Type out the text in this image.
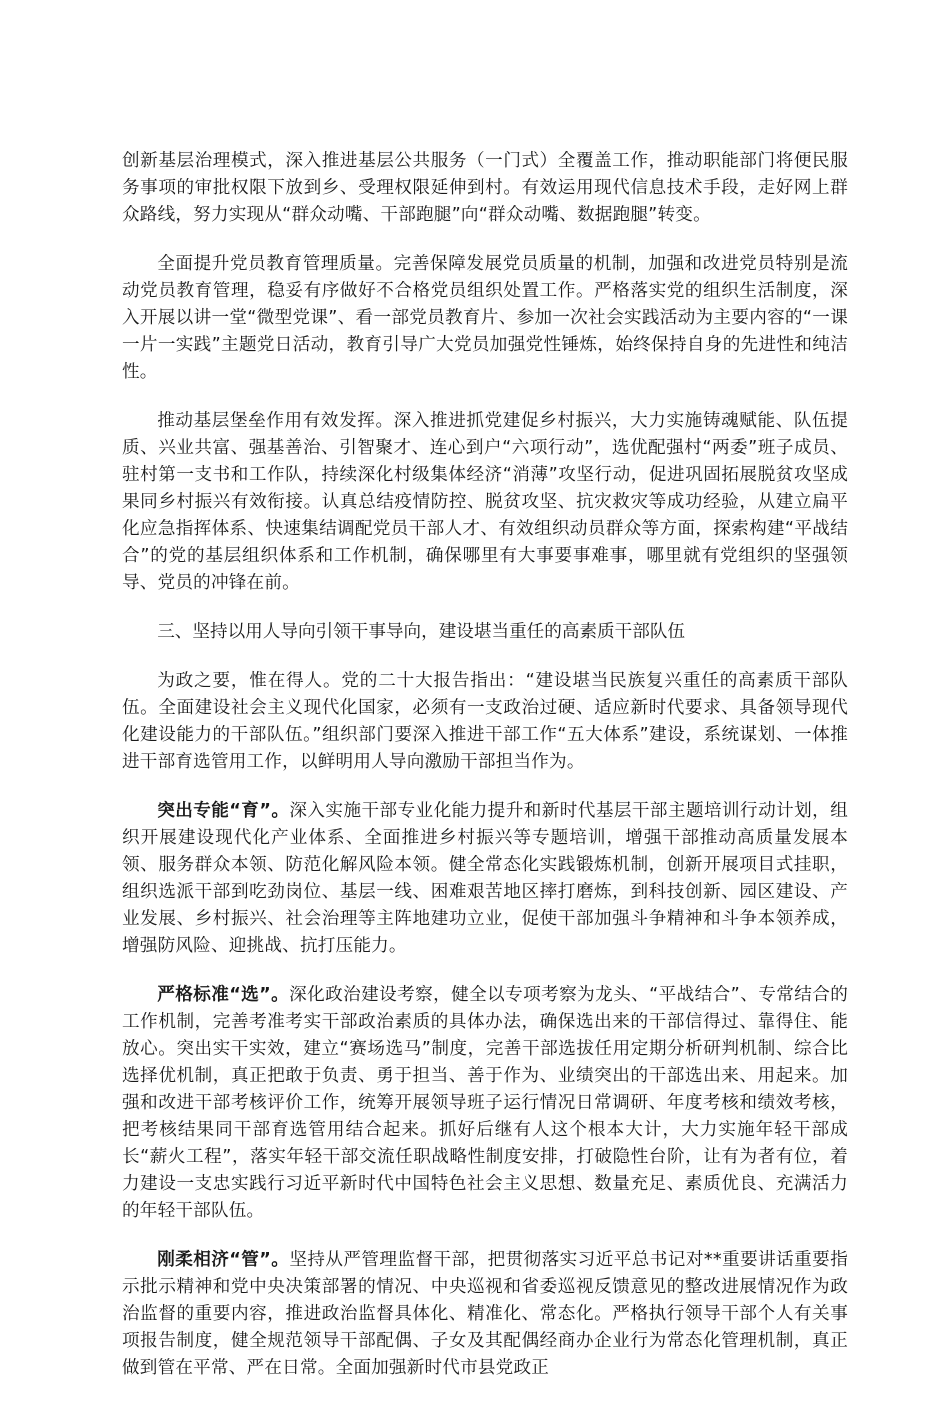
创新基层治理模式，深入推进基层公共服务（一门式）全覆盖工作，推动职能部门将便民服务事项的审批权限下放到乡、受理权限延伸到村。有效运用现代信息技术手段，走好网上群众路线，努力实现从“群众动嘴、干部跑腿”向“群众动嘴、数据跑腿”转变。

全面提升党员教育管理质量。完善保障发展党员质量的机制，加强和改进党员特别是流动党员教育管理，稳妥有序做好不合格党员组织处置工作。严格落实党的组织生活制度，深入开展以讲一堂“微型党课”、看一部党员教育片、参加一次社会实践活动为主要内容的“一课一片一实践”主题党日活动，教育引导广大党员加强党性锤炼，始终保持自身的先进性和纯洁性。

推动基层堡垒作用有效发挥。深入推进抓党建促乡村振兴，大力实施铸魂赋能、队伍提质、兴业共富、强基善治、引智聚才、连心到户“六项行动”，选优配强村“两委”班子成员、驻村第一支书和工作队，持续深化村级集体经济“消薄”攻坚行动，促进巩固拓展脱贫攻坚成果同乡村振兴有效衔接。认真总结疫情防控、脱贫攻坚、抗灾救灾等成功经验，从建立扁平化应急指挥体系、快速集结调配党员干部人才、有效组织动员群众等方面，探索构建“平战结合”的党的基层组织体系和工作机制，确保哪里有大事要事难事，哪里就有党组织的坚强领导、党员的冲锋在前。

三、坚持以用人导向引领干事导向，建设堪当重任的高素质干部队伍

为政之要，惟在得人。党的二十大报告指出：“建设堪当民族复兴重任的高素质干部队伍。全面建设社会主义现代化国家，必须有一支政治过硬、适应新时代要求、具备领导现代化建设能力的干部队伍。”组织部门要深入推进干部工作“五大体系”建设，系统谋划、一体推进干部育选管用工作，以鲜明用人导向激励干部担当作为。

突出专能“育”。深入实施干部专业化能力提升和新时代基层干部主题培训行动计划，组织开展建设现代化产业体系、全面推进乡村振兴等专题培训，增强干部推动高质量发展本领、服务群众本领、防范化解风险本领。健全常态化实践锻炼机制，创新开展项目式挂职，组织选派干部到吃劲岗位、基层一线、困难艰苦地区摔打磨炼，到科技创新、园区建设、产业发展、乡村振兴、社会治理等主阵地建功立业，促使干部加强斗争精神和斗争本领养成，增强防风险、迎挑战、抗打压能力。

严格标准“选”。深化政治建设考察，健全以专项考察为龙头、“平战结合”、专常结合的工作机制，完善考准考实干部政治素质的具体办法，确保选出来的干部信得过、靠得住、能放心。突出实干实效，建立“赛场选马”制度，完善干部选拔任用定期分析研判机制、综合比选择优机制，真正把敢于负责、勇于担当、善于作为、业绩突出的干部选出来、用起来。加强和改进干部考核评价工作，统筹开展领导班子运行情况日常调研、年度考核和绩效考核，把考核结果同干部育选管用结合起来。抓好后继有人这个根本大计，大力实施年轻干部成长“薪火工程”，落实年轻干部交流任职战略性制度安排，打破隐性台阶，让有为者有位，着力建设一支忠实践行习近平新时代中国特色社会主义思想、数量充足、素质优良、充满活力的年轻干部队伍。

刚柔相济“管”。坚持从严管理监督干部，把贯彻落实习近平总书记对**重要讲话重要指示批示精神和党中央决策部署的情况、中央巡视和省委巡视反馈意见的整改进展情况作为政治监督的重要内容，推进政治监督具体化、精准化、常态化。严格执行领导干部个人有关事项报告制度，健全规范领导干部配偶、子女及其配偶经商办企业行为常态化管理机制，真正做到管在平常、严在日常。全面加强新时代市县党政正
